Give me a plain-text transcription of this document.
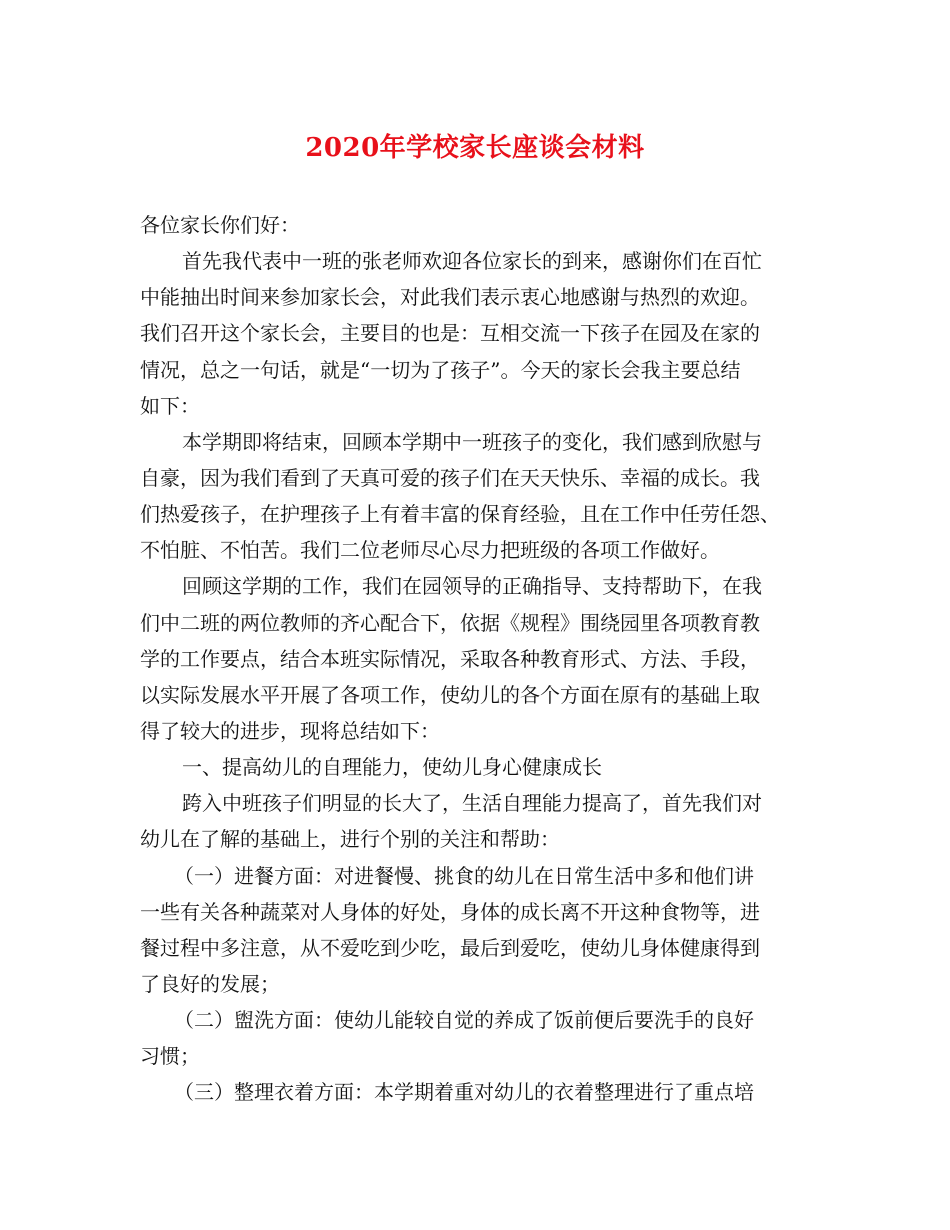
2020年学校家长座谈会材料
各位家长你们好：
首先我代表中一班的张老师欢迎各位家长的到来，感谢你们在百忙
中能抽出时间来参加家长会，对此我们表示衷心地感谢与热烈的欢迎。
我们召开这个家长会，主要目的也是：互相交流一下孩子在园及在家的
情况，总之一句话，就是“一切为了孩子”。今天的家长会我主要总结
如下：
本学期即将结束，回顾本学期中一班孩子的变化，我们感到欣慰与
自豪，因为我们看到了天真可爱的孩子们在天天快乐、幸福的成长。我
们热爱孩子，在护理孩子上有着丰富的保育经验，且在工作中任劳任怨、
不怕脏、不怕苦。我们二位老师尽心尽力把班级的各项工作做好。
回顾这学期的工作，我们在园领导的正确指导、支持帮助下，在我
们中二班的两位教师的齐心配合下，依据《规程》围绕园里各项教育教
学的工作要点，结合本班实际情况，采取各种教育形式、方法、手段，
以实际发展水平开展了各项工作，使幼儿的各个方面在原有的基础上取
得了较大的进步，现将总结如下：
一、提高幼儿的自理能力，使幼儿身心健康成长
跨入中班孩子们明显的长大了，生活自理能力提高了，首先我们对
幼儿在了解的基础上，进行个别的关注和帮助：
（一）进餐方面：对进餐慢、挑食的幼儿在日常生活中多和他们讲
一些有关各种蔬菜对人身体的好处，身体的成长离不开这种食物等，进
餐过程中多注意，从不爱吃到少吃，最后到爱吃，使幼儿身体健康得到
了良好的发展；
（二）盥洗方面：使幼儿能较自觉的养成了饭前便后要洗手的良好
习惯；
（三）整理衣着方面：本学期着重对幼儿的衣着整理进行了重点培
